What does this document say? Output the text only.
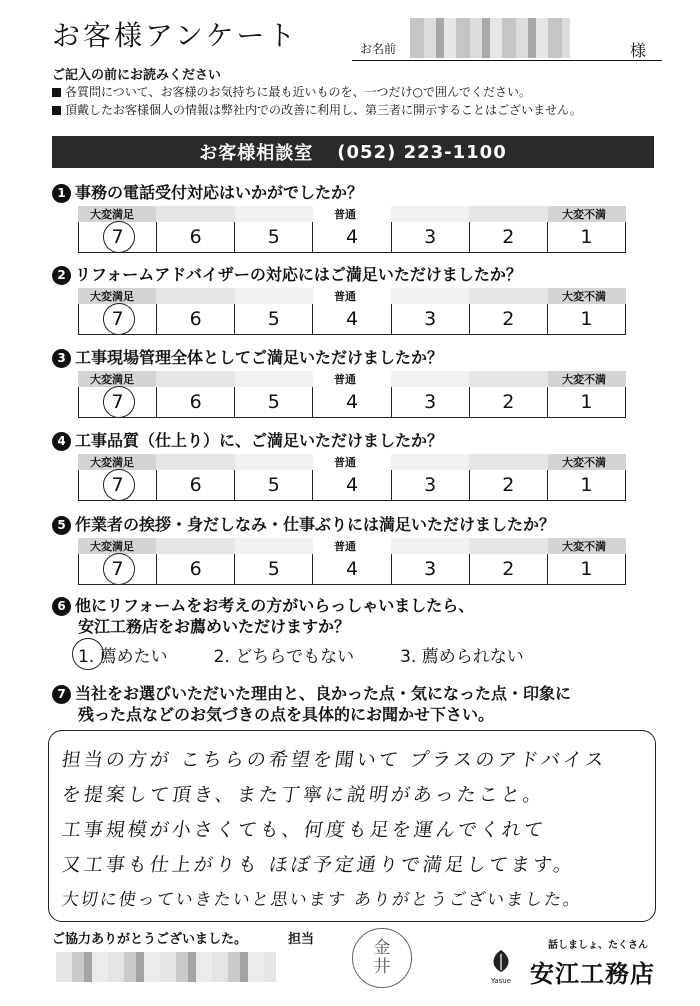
お客様アンケート	お名前	様
ご記入の前にお読みください
各質問について、お客様のお気持ちに最も近いものを、一つだけ○で囲んでください。
頂戴したお客様個人の情報は弊社内での改善に利用し、第三者に開示することはございません。
お客様相談室 (052) 223-1100
1 事務の電話受付対応はいかがでしたか？
大変満足	普通	大変不満
7	6	5	4	3	2	1
2 リフォームアドバイザーの対応にはご満足いただけましたか？
大変満足	普通	大変不満
7	6	5	4	3	2	1
3 工事現場管理全体としてご満足いただけましたか？
大変満足	普通	大変不満
7	6	5	4	3	2	1
4 工事品質（仕上り）に、ご満足いただけましたか？
大変満足	普通	大変不満
7	6	5	4	3	2	1
5 作業者の挨拶・身だしなみ・仕事ぶりには満足いただけましたか？
大変満足	普通	大変不満
7	6	5	4	3	2	1
6 他にリフォームをお考えの方がいらっしゃいましたら、
安江工務店をお薦めいただけますか？
1. 薦めたい	2. どちらでもない	3. 薦められない
7 当社をお選びいただいた理由と、良かった点・気になった点・印象に
残った点などのお気づきの点を具体的にお聞かせ下さい。
担当の方が こちらの希望を聞いて プラスのアドバイス
を提案して頂き、また丁寧に説明があったこと。
工事規模が小さくても、何度も足を運んでくれて
又工事も仕上がりも ほぼ予定通りで満足してます。
大切に使っていきたいと思います ありがとうございました。
ご協力ありがとうございました。	担当	金
井
Yasue
話しましょ、たくさん
安江工務店
